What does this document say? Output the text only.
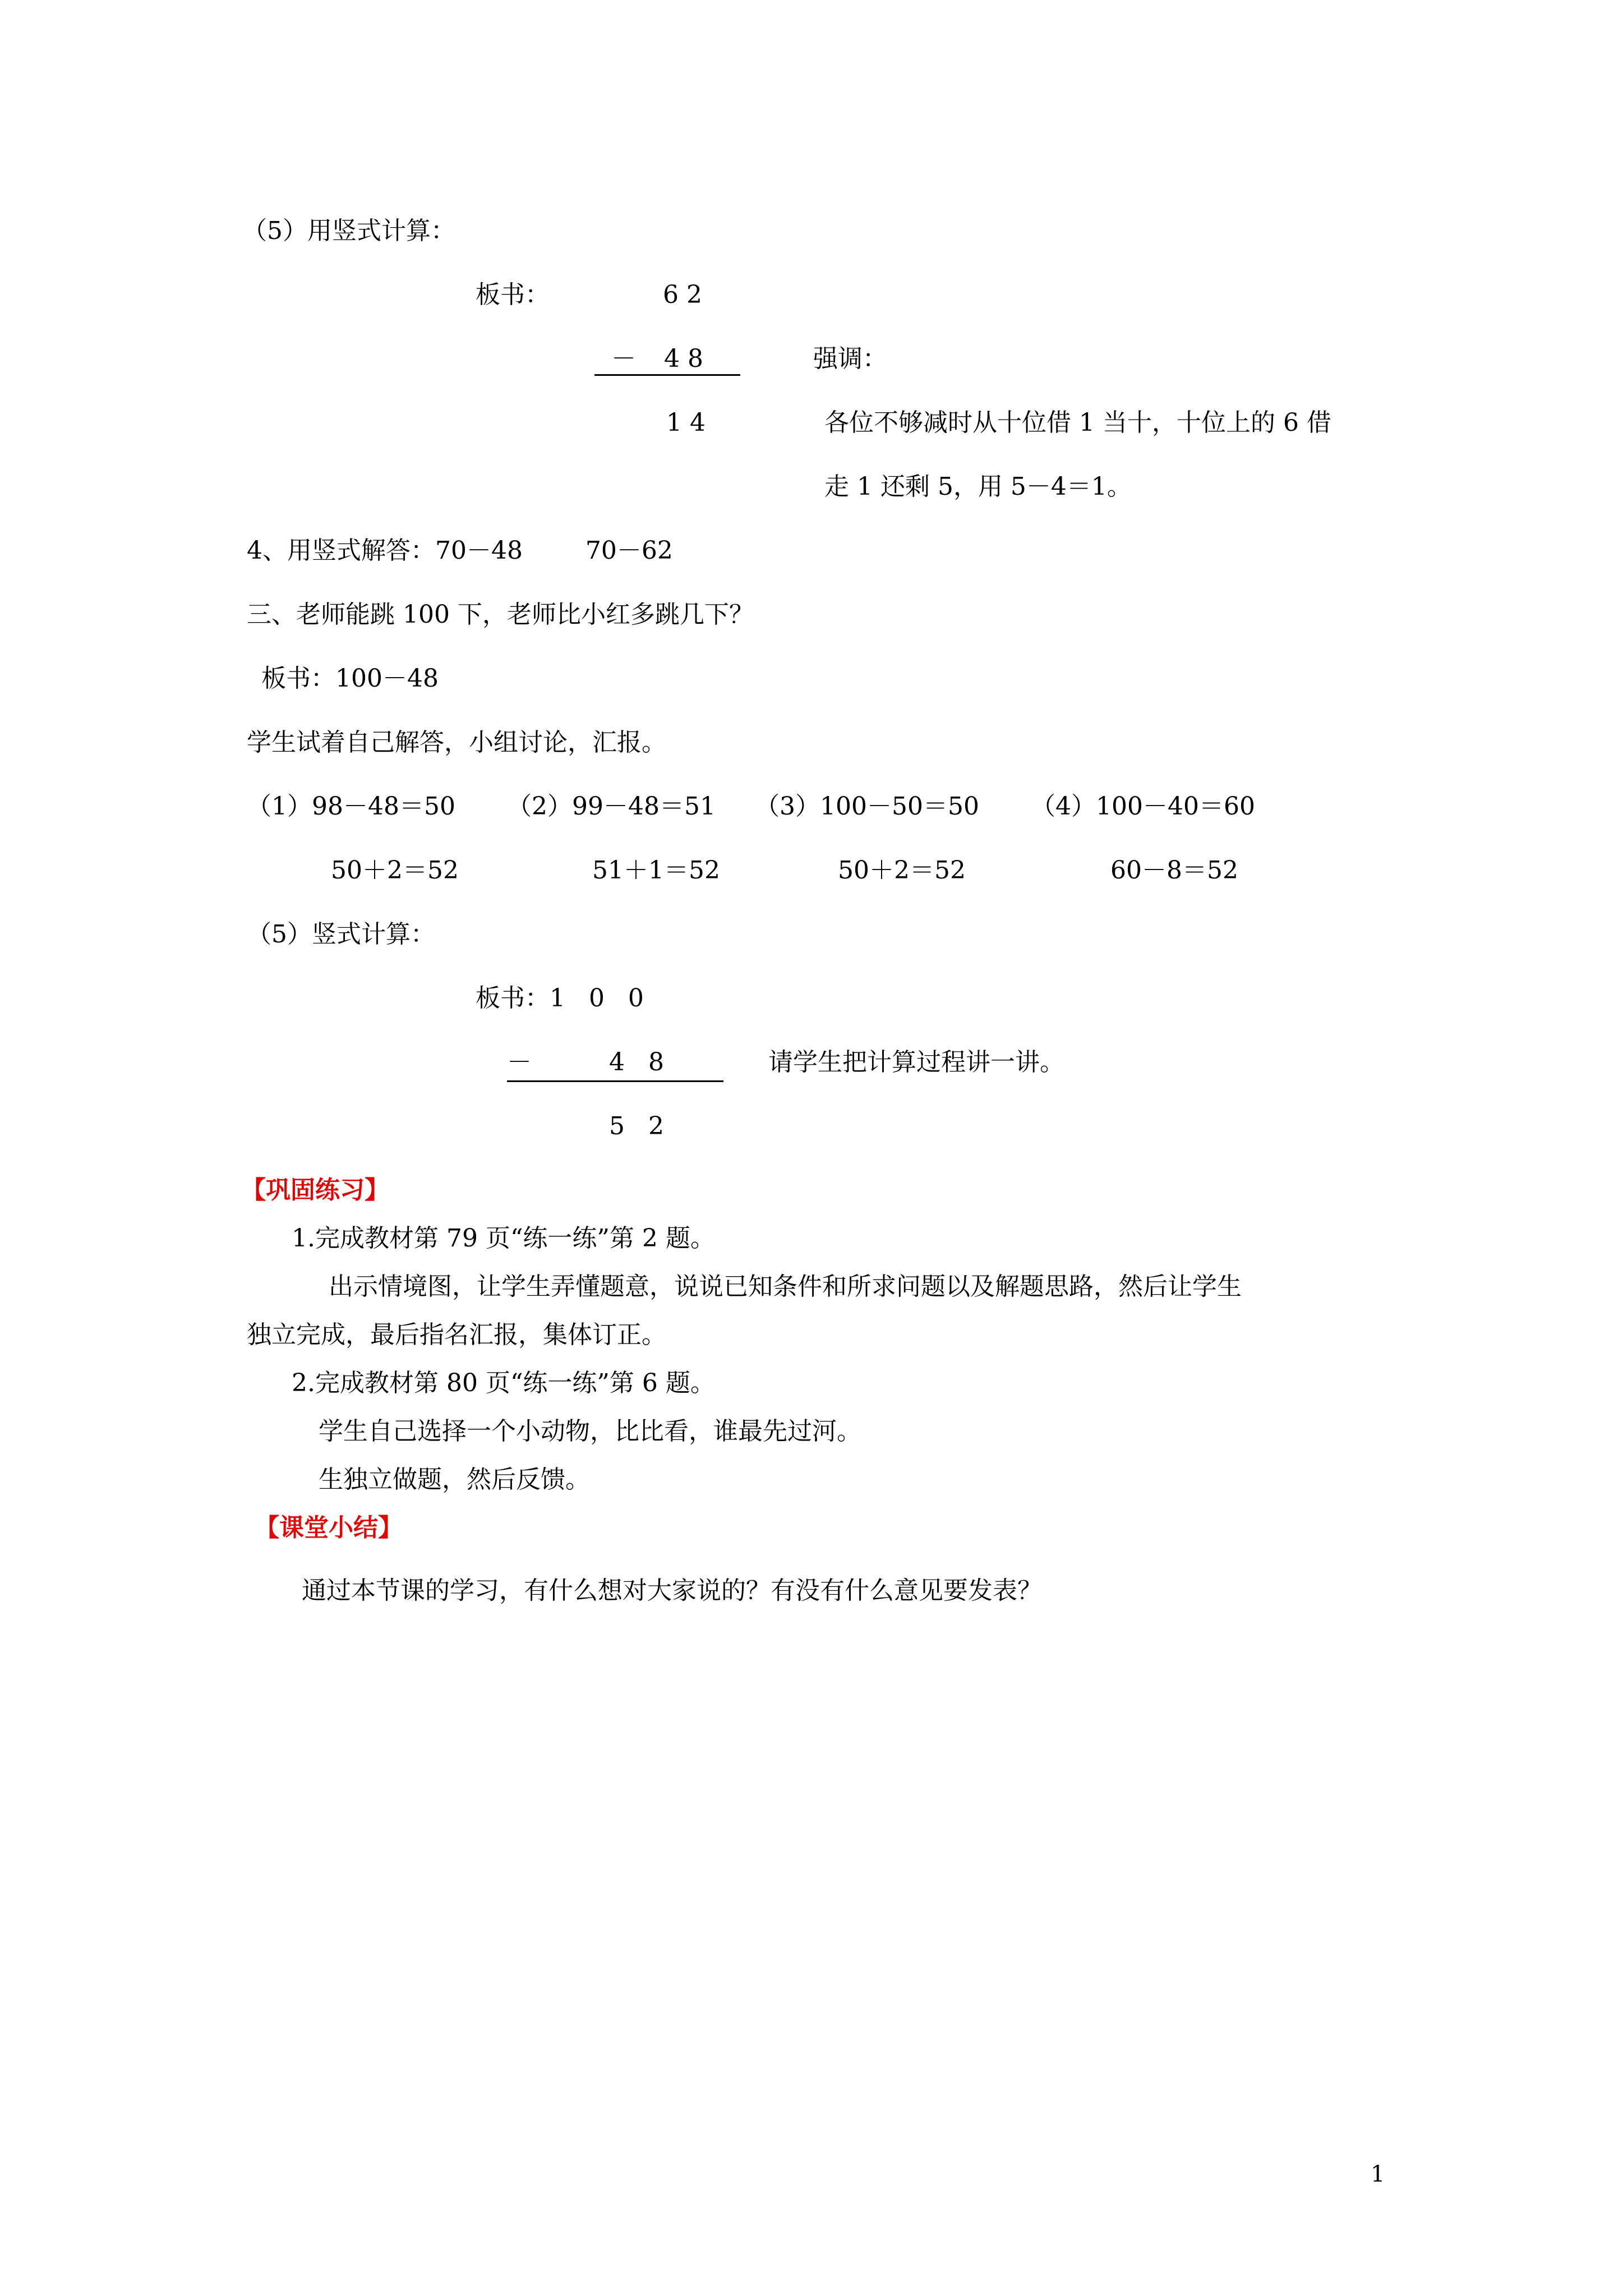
（5）用竖式计算：
板书：	6 2
－ 4 8	强调：
1 4	各位不够减时从十位借 1 当十，十位上的 6 借
走 1 还剩 5，用 5－4＝1。
4、用竖式解答：70－48        70－62
三、老师能跳 100 下，老师比小红多跳几下？
板书：100－48
学生试着自己解答，小组讨论，汇报。
（1）98－48＝50 （2）99－48＝51 （3）100－50＝50 （4）100－40＝60
50＋2＝52	51＋1＝52	50＋2＝52	60－8＝52
（5）竖式计算：
板书：1   0   0
－	4   8	请学生把计算过程讲一讲。
5   2
【巩固练习】
1.完成教材第 79 页“练一练”第 2 题。
出示情境图，让学生弄懂题意，说说已知条件和所求问题以及解题思路，然后让学生
独立完成，最后指名汇报，集体订正。
2.完成教材第 80 页“练一练”第 6 题。
学生自己选择一个小动物，比比看，谁最先过河。
生独立做题，然后反馈。
【课堂小结】
通过本节课的学习，有什么想对大家说的？有没有什么意见要发表？
1
